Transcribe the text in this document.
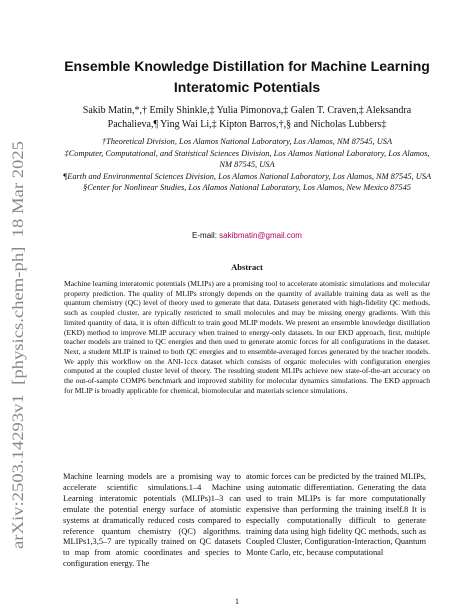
arXiv:2503.14293v1  [physics.chem-ph]  18 Mar 2025
Ensemble Knowledge Distillation for Machine Learning Interatomic Potentials

Sakib Matin,*,† Emily Shinkle,‡ Yulia Pimonova,‡ Galen T. Craven,‡ Aleksandra Pachalieva,¶ Ying Wai Li,‡ Kipton Barros,†,§ and Nicholas Lubbers‡

†Theoretical Division, Los Alamos National Laboratory, Los Alamos, NM 87545, USA

‡Computer, Computational, and Statistical Sciences Division, Los Alamos National Laboratory, Los Alamos, NM 87545, USA

¶Earth and Environmental Sciences Division, Los Alamos National Laboratory, Los Alamos, NM 87545, USA

§Center for Nonlinear Studies, Los Alamos National Laboratory, Los Alamos, New Mexico 87545

E-mail: sakibmatin@gmail.com
Abstract

Machine learning interatomic potentials (MLIPs) are a promising tool to accelerate atomistic simulations and molecular property prediction. The quality of MLIPs strongly depends on the quantity of available training data as well as the quantum chemistry (QC) level of theory used to generate that data. Datasets generated with high-fidelity QC methods, such as coupled cluster, are typically restricted to small molecules and may be missing energy gradients. With this limited quantity of data, it is often difficult to train good MLIP models. We present an ensemble knowledge distillation (EKD) method to improve MLIP accuracy when trained to energy-only datasets. In our EKD approach, first, multiple teacher models are trained to QC energies and then used to generate atomic forces for all configurations in the dataset. Next, a student MLIP is trained to both QC energies and to ensemble-averaged forces generated by the teacher models. We apply this workflow on the ANI-1ccx dataset which consists of organic molecules with configuration energies computed at the coupled cluster level of theory. The resulting student MLIPs achieve new state-of-the-art accuracy on the out-of-sample COMP6 benchmark and improved stability for molecular dynamics simulations. The EKD approach for MLIP is broadly applicable for chemical, biomolecular and materials science simulations.

Machine learning models are a promising way to accelerate scientific simulations.1–4 Machine Learning interatomic potentials (MLIPs)1–3 can emulate the potential energy surface of atomistic systems at dramatically reduced costs compared to reference quantum chemistry (QC) algorithms. MLIPs1,3,5–7 are typically trained on QC datasets to map from atomic coordinates and species to configuration energy. The

atomic forces can be predicted by the trained MLIPs, using automatic differentiation. Generating the data used to train MLIPs is far more computationally expensive than performing the training itself.8 It is especially computationally difficult to generate training data using high fidelity QC methods, such as Coupled Cluster, Configuration-Interaction, Quantum Monte Carlo, etc, because computational

1
